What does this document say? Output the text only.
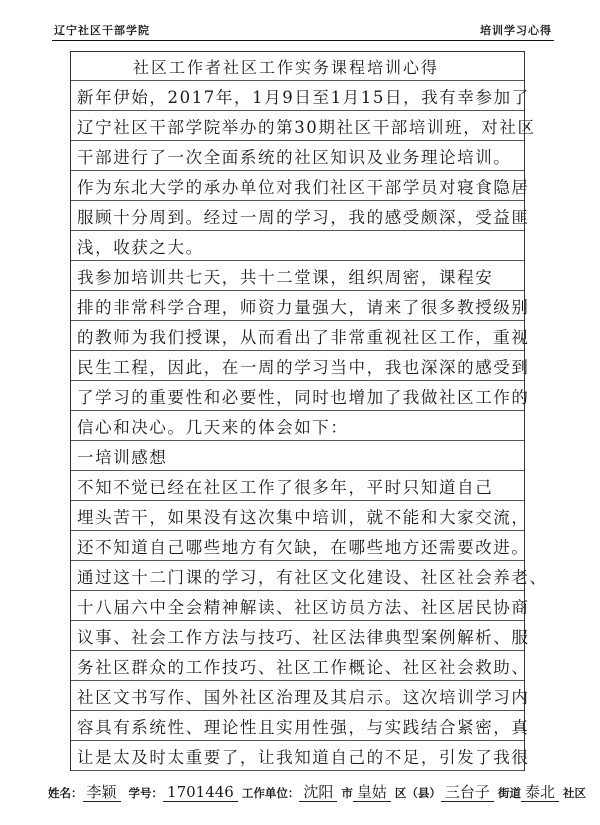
辽宁社区干部学院	培训学习心得
社区工作者社区工作实务课程培训心得
新年伊始，2017年，1月9日至1月15日，我有幸参加了
辽宁社区干部学院举办的第30期社区干部培训班，对社区
干部进行了一次全面系统的社区知识及业务理论培训。
作为东北大学的承办单位对我们社区干部学员对寝食隐居
服顾十分周到。经过一周的学习，我的感受颇深，受益匪
浅，收获之大。
我参加培训共七天，共十二堂课，组织周密，课程安
排的非常科学合理，师资力量强大，请来了很多教授级别
的教师为我们授课，从而看出了非常重视社区工作，重视
民生工程，因此，在一周的学习当中，我也深深的感受到
了学习的重要性和必要性，同时也增加了我做社区工作的
信心和决心。几天来的体会如下：
一培训感想
不知不觉已经在社区工作了很多年，平时只知道自己
埋头苦干，如果没有这次集中培训，就不能和大家交流，
还不知道自己哪些地方有欠缺，在哪些地方还需要改进。
通过这十二门课的学习，有社区文化建设、社区社会养老、
十八届六中全会精神解读、社区访员方法、社区居民协商
议事、社会工作方法与技巧、社区法律典型案例解析、服
务社区群众的工作技巧、社区工作概论、社区社会救助、
社区文书写作、国外社区治理及其启示。这次培训学习内
容具有系统性、理论性且实用性强，与实践结合紧密，真
让是太及时太重要了，让我知道自己的不足，引发了我很
姓名： 李颖 学号： 1701446 工作单位： 沈阳 市 皇姑 区（县） 三台子 街道 泰北 社区
